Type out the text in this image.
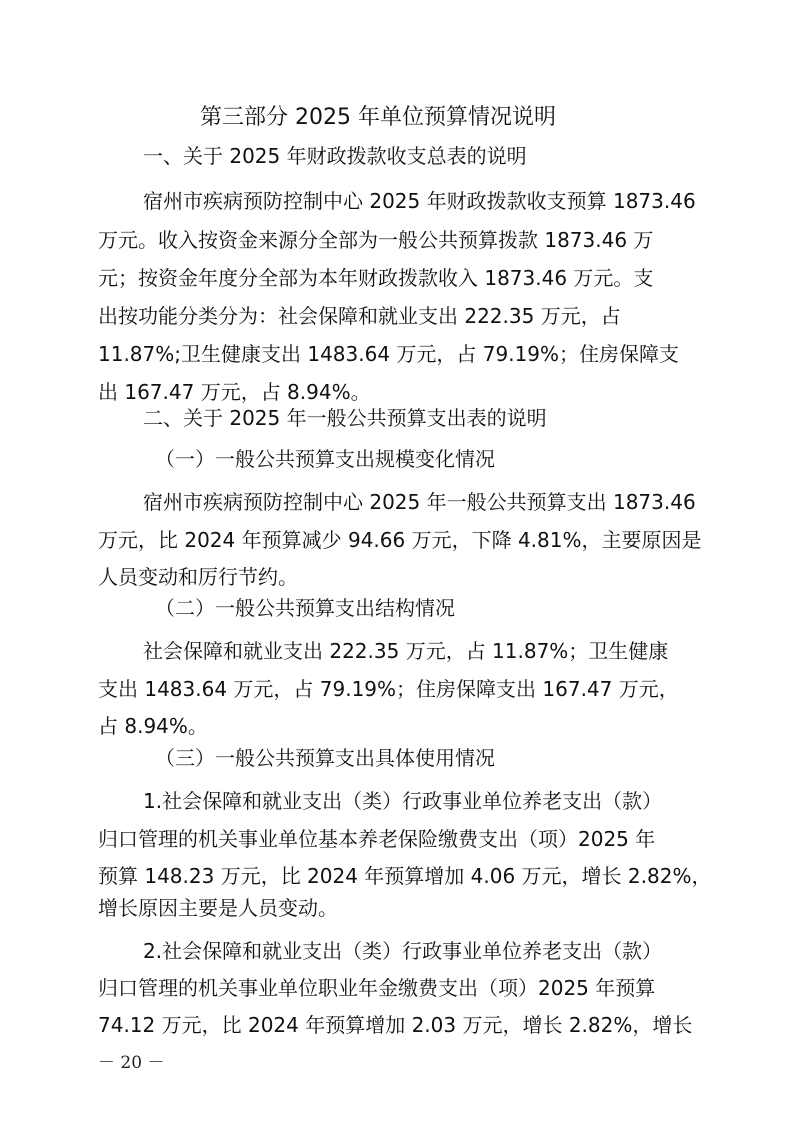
第三部分 2025 年单位预算情况说明
一、关于 2025 年财政拨款收支总表的说明
宿州市疾病预防控制中心 2025 年财政拨款收支预算 1873.46
万元。收入按资金来源分全部为一般公共预算拨款 1873.46 万
元；按资金年度分全部为本年财政拨款收入 1873.46 万元。支
出按功能分类分为：社会保障和就业支出 222.35 万元，占
11.87%;卫生健康支出 1483.64 万元，占 79.19%；住房保障支
出 167.47 万元，占 8.94%。
二、关于 2025 年一般公共预算支出表的说明
（一）一般公共预算支出规模变化情况
宿州市疾病预防控制中心 2025 年一般公共预算支出 1873.46
万元，比 2024 年预算减少 94.66 万元，下降 4.81%，主要原因是
人员变动和厉行节约。
（二）一般公共预算支出结构情况
社会保障和就业支出 222.35 万元，占 11.87%；卫生健康
支出 1483.64 万元，占 79.19%；住房保障支出 167.47 万元，
占 8.94%。
（三）一般公共预算支出具体使用情况
1.社会保障和就业支出（类）行政事业单位养老支出（款）
归口管理的机关事业单位基本养老保险缴费支出（项）2025 年
预算 148.23 万元，比 2024 年预算增加 4.06 万元，增长 2.82%，
增长原因主要是人员变动。
2.社会保障和就业支出（类）行政事业单位养老支出（款）
归口管理的机关事业单位职业年金缴费支出（项）2025 年预算
74.12 万元，比 2024 年预算增加 2.03 万元，增长 2.82%，增长
－ 20 －
